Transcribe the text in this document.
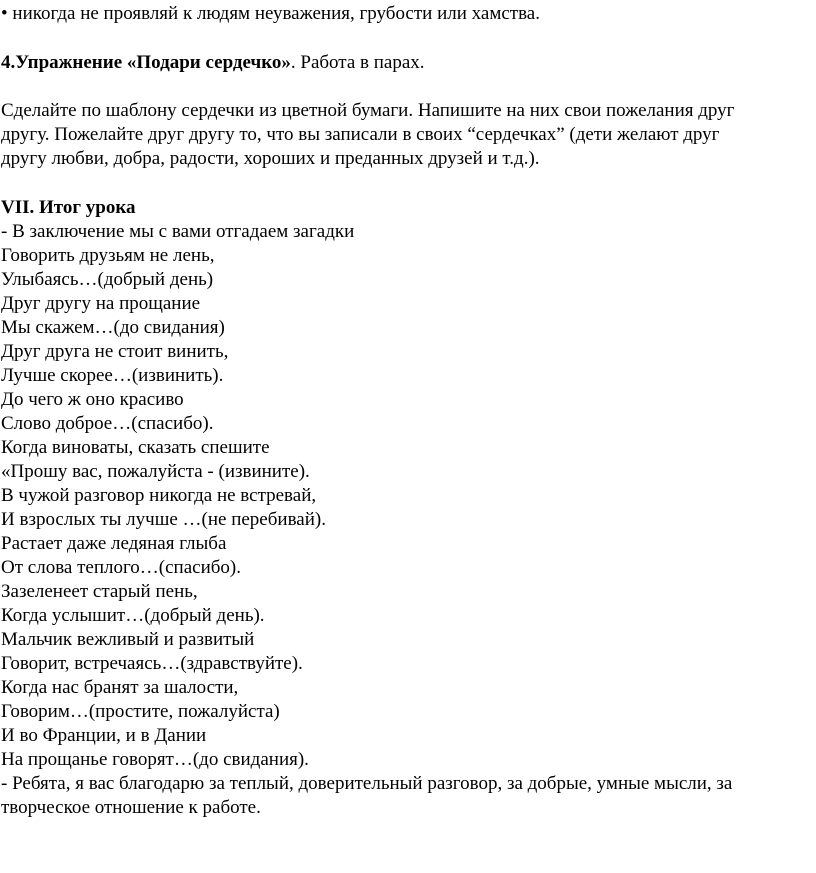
• никогда не проявляй к людям неуважения, грубости или хамства.
4.Упражнение «Подари сердечко». Работа в парах.
Сделайте по шаблону сердечки из цветной бумаги. Напишите на них свои пожелания друг
другу. Пожелайте друг другу то, что вы записали в своих “сердечках” (дети желают друг
другу любви, добра, радости, хороших и преданных друзей и т.д.).
VII. Итог урока
- В заключение мы с вами отгадаем загадки
Говорить друзьям не лень,
Улыбаясь…(добрый день)
Друг другу на прощание
Мы скажем…(до свидания)
Друг друга не стоит винить,
Лучше скорее…(извинить).
До чего ж оно красиво
Слово доброе…(спасибо).
Когда виноваты, сказать спешите
«Прошу вас, пожалуйста - (извините).
В чужой разговор никогда не встревай,
И взрослых ты лучше …(не перебивай).
Растает даже ледяная глыба
От слова теплого…(спасибо).
Зазеленеет старый пень,
Когда услышит…(добрый день).
Мальчик вежливый и развитый
Говорит, встречаясь…(здравствуйте).
Когда нас бранят за шалости,
Говорим…(простите, пожалуйста)
И во Франции, и в Дании
На прощанье говорят…(до свидания).
- Ребята, я вас благодарю за теплый, доверительный разговор, за добрые, умные мысли, за
творческое отношение к работе.
